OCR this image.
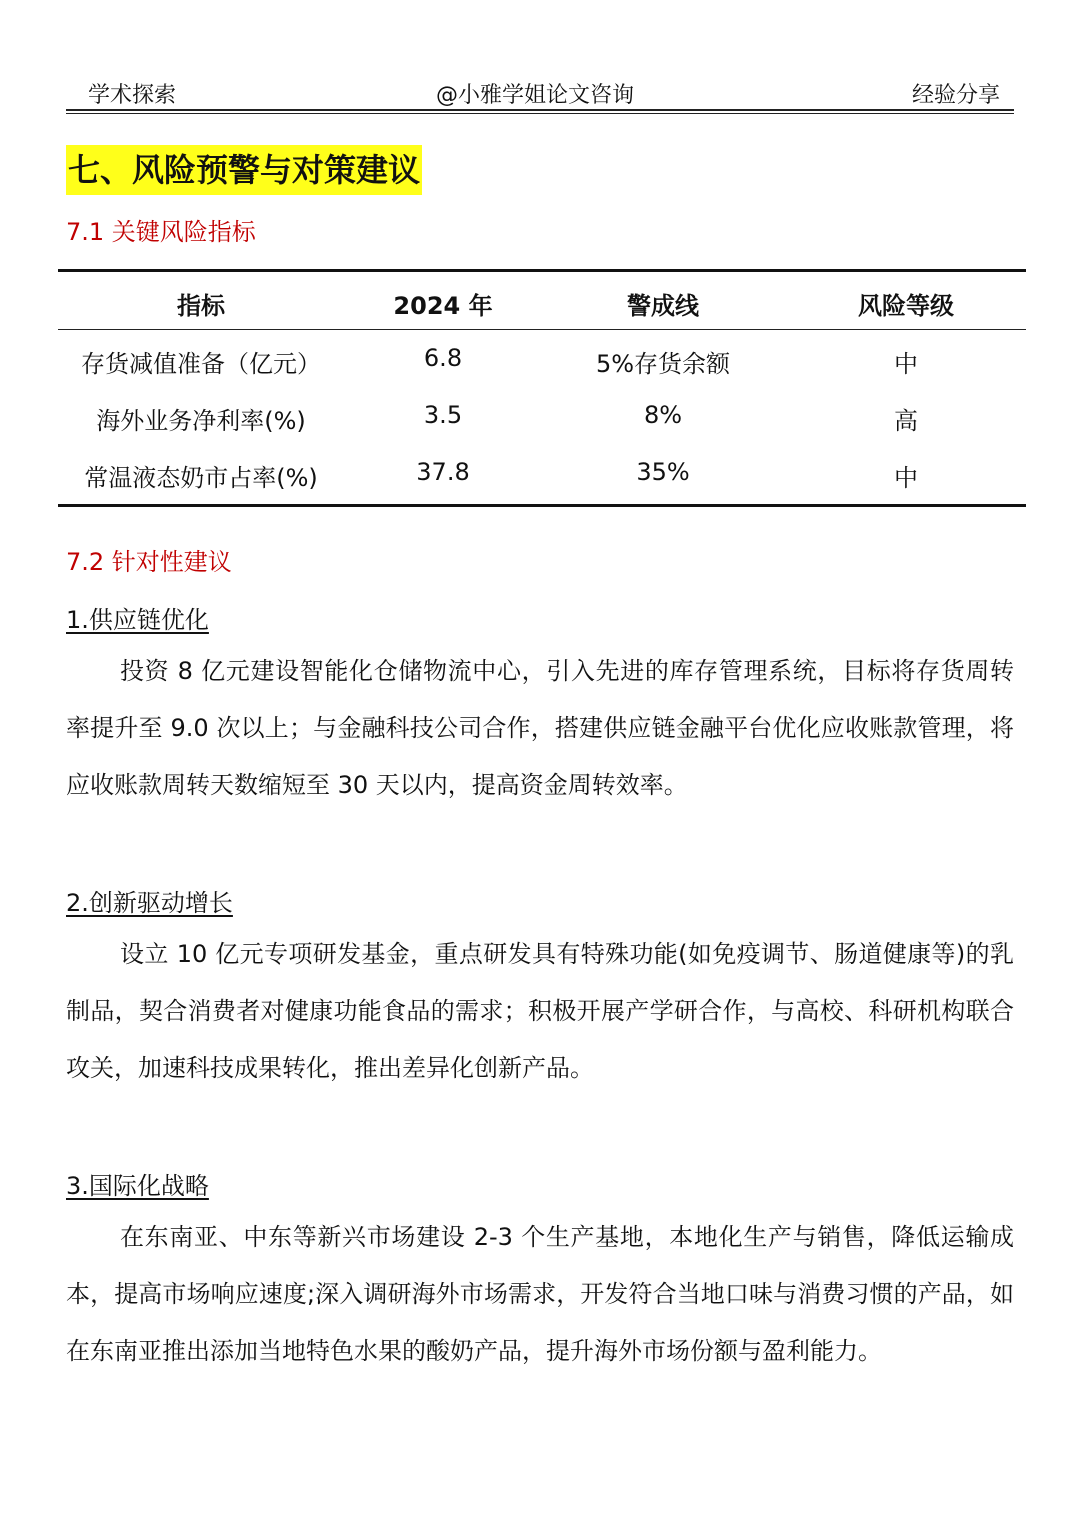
学术探索	@小雅学姐论文咨询	经验分享
七、风险预警与对策建议
7.1 关键风险指标
指标	2024 年	警成线	风险等级
存货减值准备（亿元）	6.8	5%存货余额	中
海外业务净利率(%)	3.5	8%	高
常温液态奶市占率(%)	37.8	35%	中
7.2 针对性建议
1.供应链优化
投资 8 亿元建设智能化仓储物流中心，引入先进的库存管理系统，目标将存货周转率提升至 9.0 次以上；与金融科技公司合作，搭建供应链金融平台优化应收账款管理，将应收账款周转天数缩短至 30 天以内，提高资金周转效率。
2.创新驱动增长
设立 10 亿元专项研发基金，重点研发具有特殊功能(如免疫调节、肠道健康等)的乳制品，契合消费者对健康功能食品的需求；积极开展产学研合作，与高校、科研机构联合攻关，加速科技成果转化，推出差异化创新产品。
3.国际化战略
在东南亚、中东等新兴市场建设 2-3 个生产基地，本地化生产与销售，降低运输成本，提高市场响应速度;深入调研海外市场需求，开发符合当地口味与消费习惯的产品，如在东南亚推出添加当地特色水果的酸奶产品，提升海外市场份额与盈利能力。
